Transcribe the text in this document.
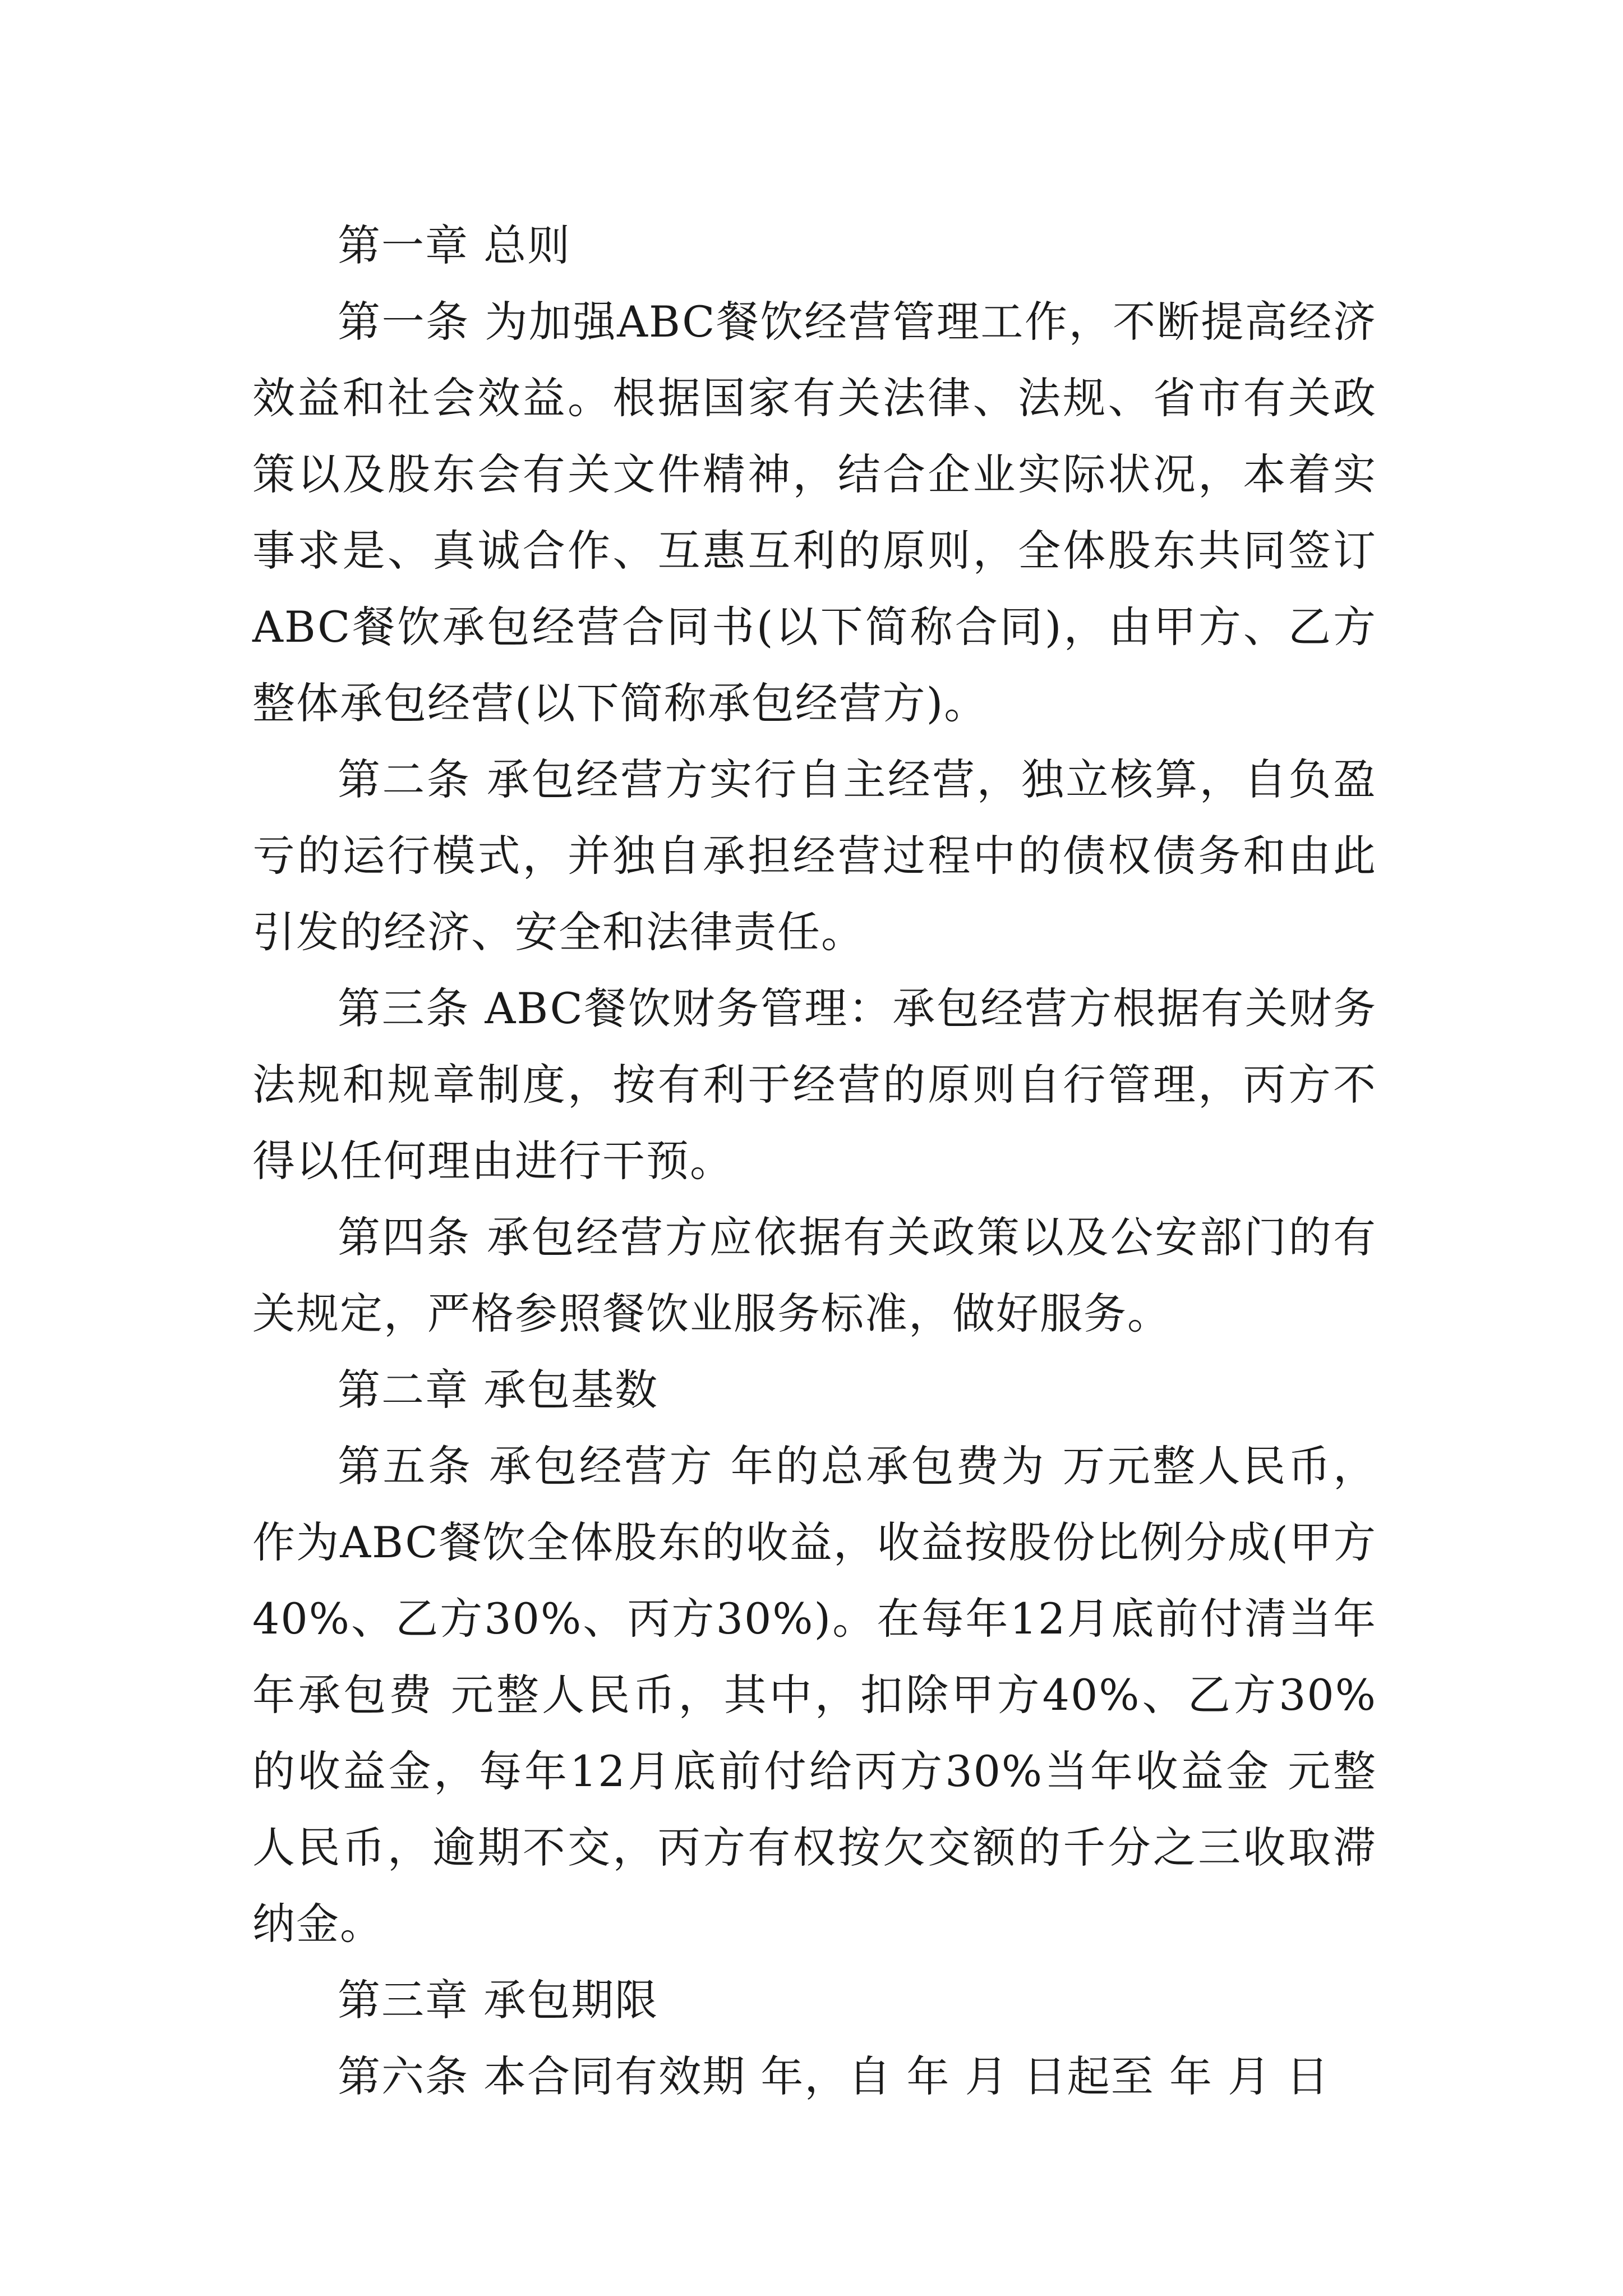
第一章 总则

第一条 为加强ABC餐饮经营管理工作，不断提高经济效益和社会效益。根据国家有关法律、法规、省市有关政策以及股东会有关文件精神，结合企业实际状况，本着实事求是、真诚合作、互惠互利的原则，全体股东共同签订ABC餐饮承包经营合同书(以下简称合同)，由甲方、乙方整体承包经营(以下简称承包经营方)。

第二条 承包经营方实行自主经营，独立核算，自负盈亏的运行模式，并独自承担经营过程中的债权债务和由此引发的经济、安全和法律责任。

第三条 ABC餐饮财务管理：承包经营方根据有关财务法规和规章制度，按有利于经营的原则自行管理，丙方不得以任何理由进行干预。

第四条 承包经营方应依据有关政策以及公安部门的有关规定，严格参照餐饮业服务标准，做好服务。

第二章 承包基数

第五条 承包经营方 年的总承包费为 万元整人民币，作为ABC餐饮全体股东的收益，收益按股份比例分成(甲方40%、乙方30%、丙方30%)。在每年12月底前付清当年年承包费 元整人民币，其中，扣除甲方40%、乙方30%的收益金，每年12月底前付给丙方30%当年收益金 元整人民币，逾期不交，丙方有权按欠交额的千分之三收取滞纳金。

第三章 承包期限

第六条 本合同有效期 年，自 年 月 日起至 年 月 日
